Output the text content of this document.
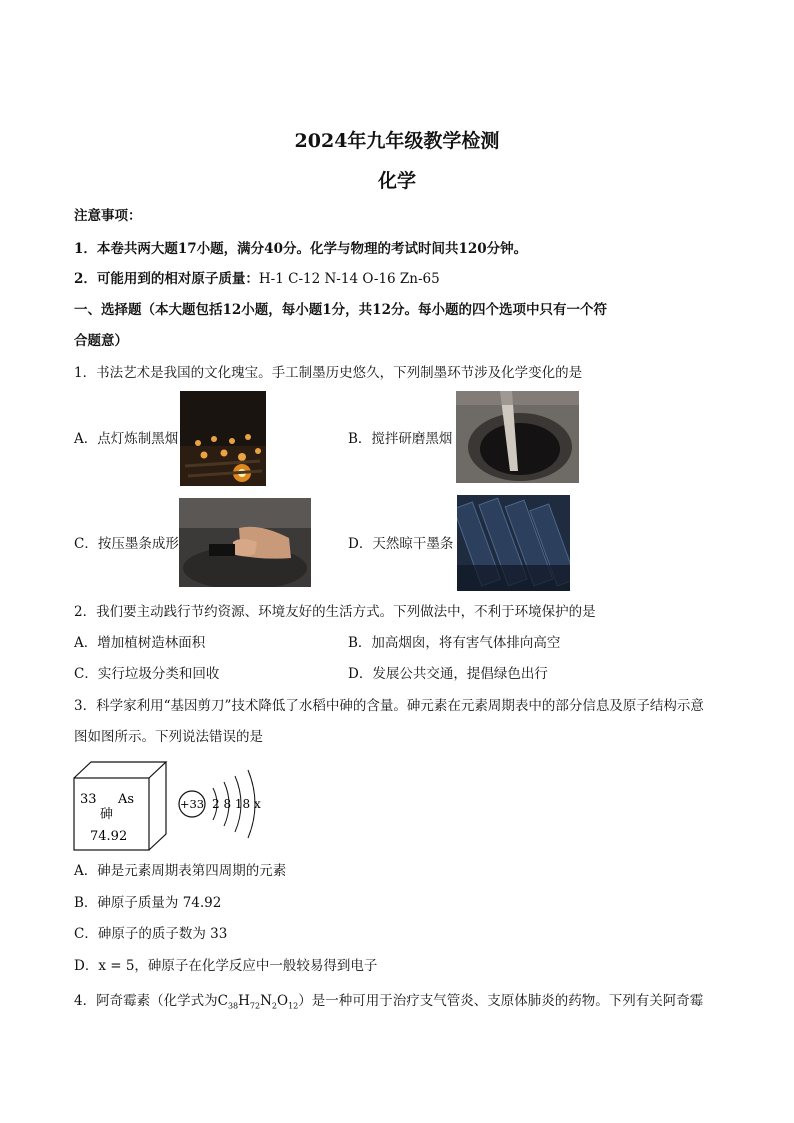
2024年九年级教学检测
化学
注意事项：
1．本卷共两大题17小题，满分40分。化学与物理的考试时间共120分钟。
2．可能用到的相对原子质量：H-1 C-12 N-14 O-16 Zn-65
一、选择题（本大题包括12小题，每小题1分，共12分。每小题的四个选项中只有一个符
合题意）
1．书法艺术是我国的文化瑰宝。手工制墨历史悠久，下列制墨环节涉及化学变化的是
A．点灯炼制黑烟	B．搅拌研磨黑烟
C．按压墨条成形	D．天然晾干墨条
2．我们要主动践行节约资源、环境友好的生活方式。下列做法中，不利于环境保护的是
A．增加植树造林面积	B．加高烟囱，将有害气体排向高空
C．实行垃圾分类和回收	D．发展公共交通，提倡绿色出行
3．科学家利用“基因剪刀”技术降低了水稻中砷的含量。砷元素在元素周期表中的部分信息及原子结构示意
图如图所示。下列说法错误的是
33 As
砷
74.92
+33 2 8 18 x
A．砷是元素周期表第四周期的元素
B．砷原子质量为 74.92
C．砷原子的质子数为 33
D．x = 5，砷原子在化学反应中一般较易得到电子
4．阿奇霉素（化学式为$C_{38}H_{72}N_2O_{12}$）是一种可用于治疗支气管炎、支原体肺炎的药物。下列有关阿奇霉
